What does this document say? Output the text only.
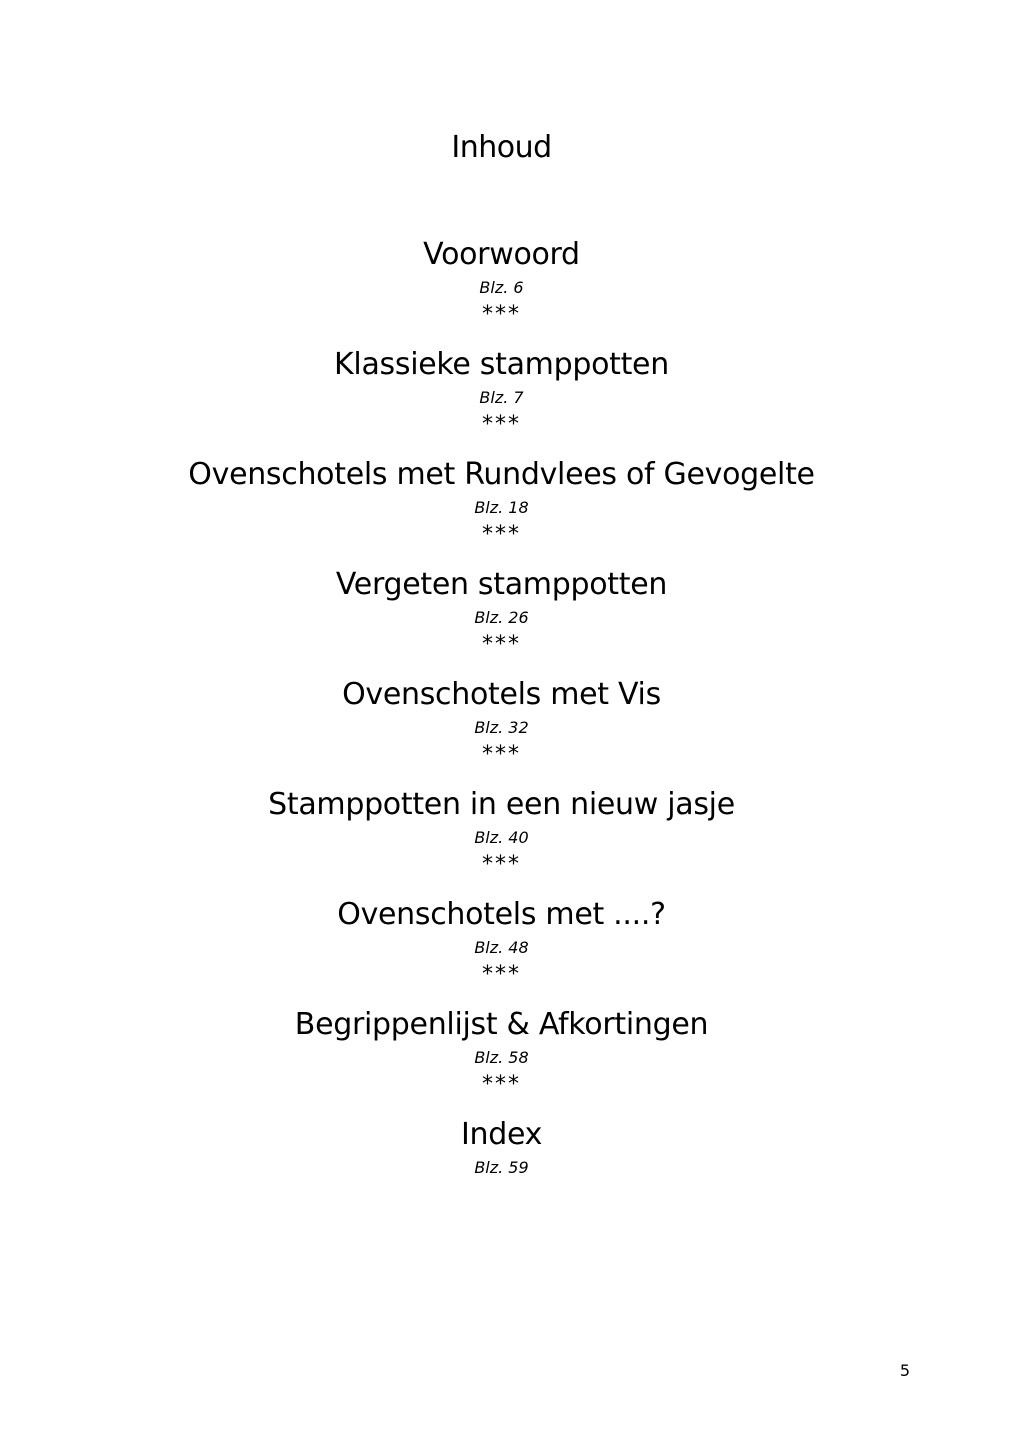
Inhoud
Voorwoord
Blz. 6
***
Klassieke stamppotten
Blz. 7
***
Ovenschotels met Rundvlees of Gevogelte
Blz. 18
***
Vergeten stamppotten
Blz. 26
***
Ovenschotels met Vis
Blz. 32
***
Stamppotten in een nieuw jasje
Blz. 40
***
Ovenschotels met ....?
Blz. 48
***
Begrippenlijst & Afkortingen
Blz. 58
***
Index
Blz. 59
5
